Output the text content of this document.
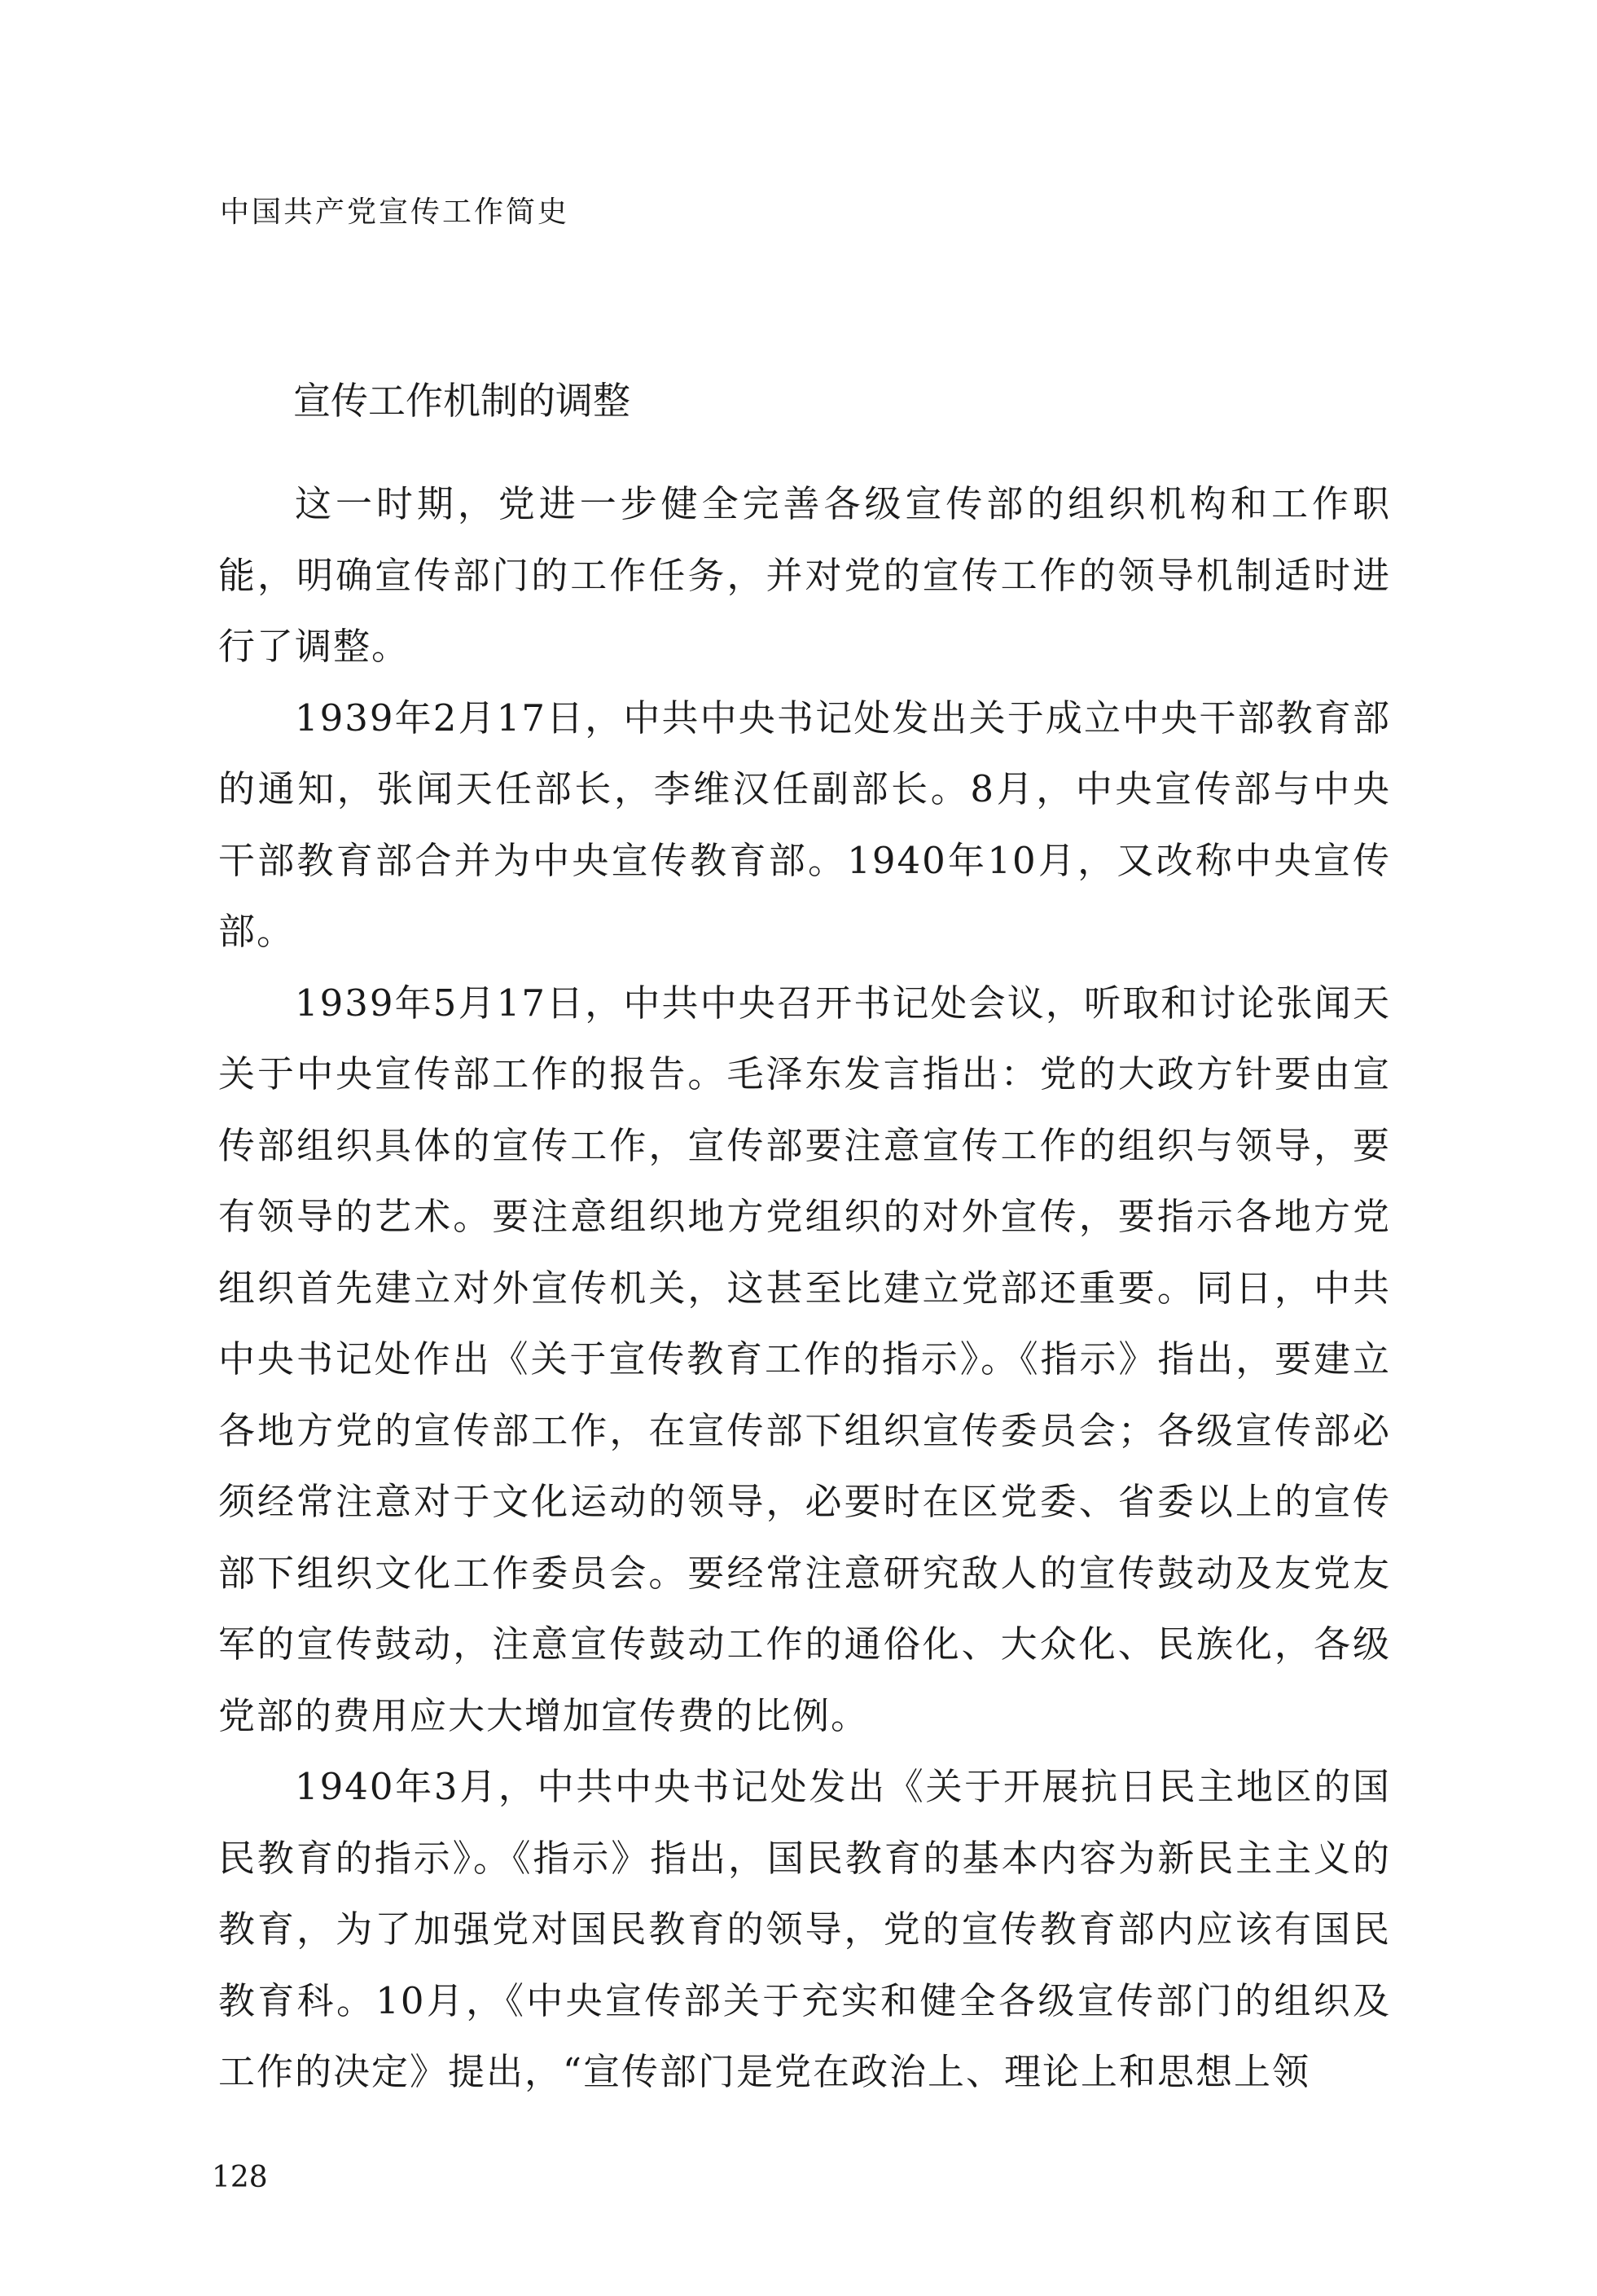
中国共产党宣传工作简史
宣传工作机制的调整

这一时期，党进一步健全完善各级宣传部的组织机构和工作职能，明确宣传部门的工作任务，并对党的宣传工作的领导机制适时进行了调整。

1939年2月17日，中共中央书记处发出关于成立中央干部教育部的通知，张闻天任部长，李维汉任副部长。8月，中央宣传部与中央干部教育部合并为中央宣传教育部。1940年10月，又改称中央宣传部。

1939年5月17日，中共中央召开书记处会议，听取和讨论张闻天关于中央宣传部工作的报告。毛泽东发言指出：党的大政方针要由宣传部组织具体的宣传工作，宣传部要注意宣传工作的组织与领导，要有领导的艺术。要注意组织地方党组织的对外宣传，要指示各地方党组织首先建立对外宣传机关，这甚至比建立党部还重要。同日，中共中央书记处作出《关于宣传教育工作的指示》。《指示》指出，要建立各地方党的宣传部工作，在宣传部下组织宣传委员会；各级宣传部必须经常注意对于文化运动的领导，必要时在区党委、省委以上的宣传部下组织文化工作委员会。要经常注意研究敌人的宣传鼓动及友党友军的宣传鼓动，注意宣传鼓动工作的通俗化、大众化、民族化，各级党部的费用应大大增加宣传费的比例。

1940年3月，中共中央书记处发出《关于开展抗日民主地区的国民教育的指示》。《指示》指出，国民教育的基本内容为新民主主义的教育，为了加强党对国民教育的领导，党的宣传教育部内应该有国民教育科。10月，《中央宣传部关于充实和健全各级宣传部门的组织及工作的决定》提出，“宣传部门是党在政治上、理论上和思想上领

128
